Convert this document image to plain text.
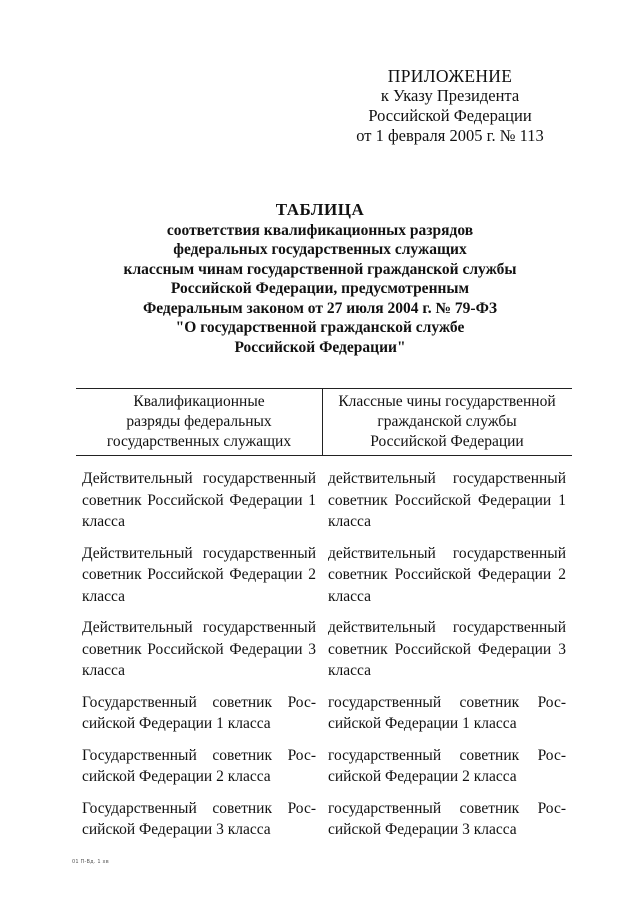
ПРИЛОЖЕНИЕ
к Указу Президента
Российской Федерации
от 1 февраля 2005 г. № 113
ТАБЛИЦА
соответствия квалификационных разрядов
федеральных государственных служащих
классным чинам государственной гражданской службы
Российской Федерации, предусмотренным
Федеральным законом от 27 июля 2004 г. № 79-ФЗ
"О государственной гражданской службе
Российской Федерации"
Квалификационные
разряды федеральных
государственных служащих
Классные чины государственной
гражданской службы
Российской Федерации
Действительный государственный советник Российской Федерации 1 класса
действительный государственный советник Российской Федерации 1 класса
Действительный государственный советник Российской Федерации 2 класса
действительный государственный советник Российской Федерации 2 класса
Действительный государственный советник Российской Федерации 3 класса
действительный государственный советник Российской Федерации 3 класса
Государственный советник Российской Федерации 1 класса
государственный советник Российской Федерации 1 класса
Государственный советник Российской Федерации 2 класса
государственный советник Российской Федерации 2 класса
Государственный советник Российской Федерации 3 класса
государственный советник Российской Федерации 3 класса
01 П-Вд. 1 хв
